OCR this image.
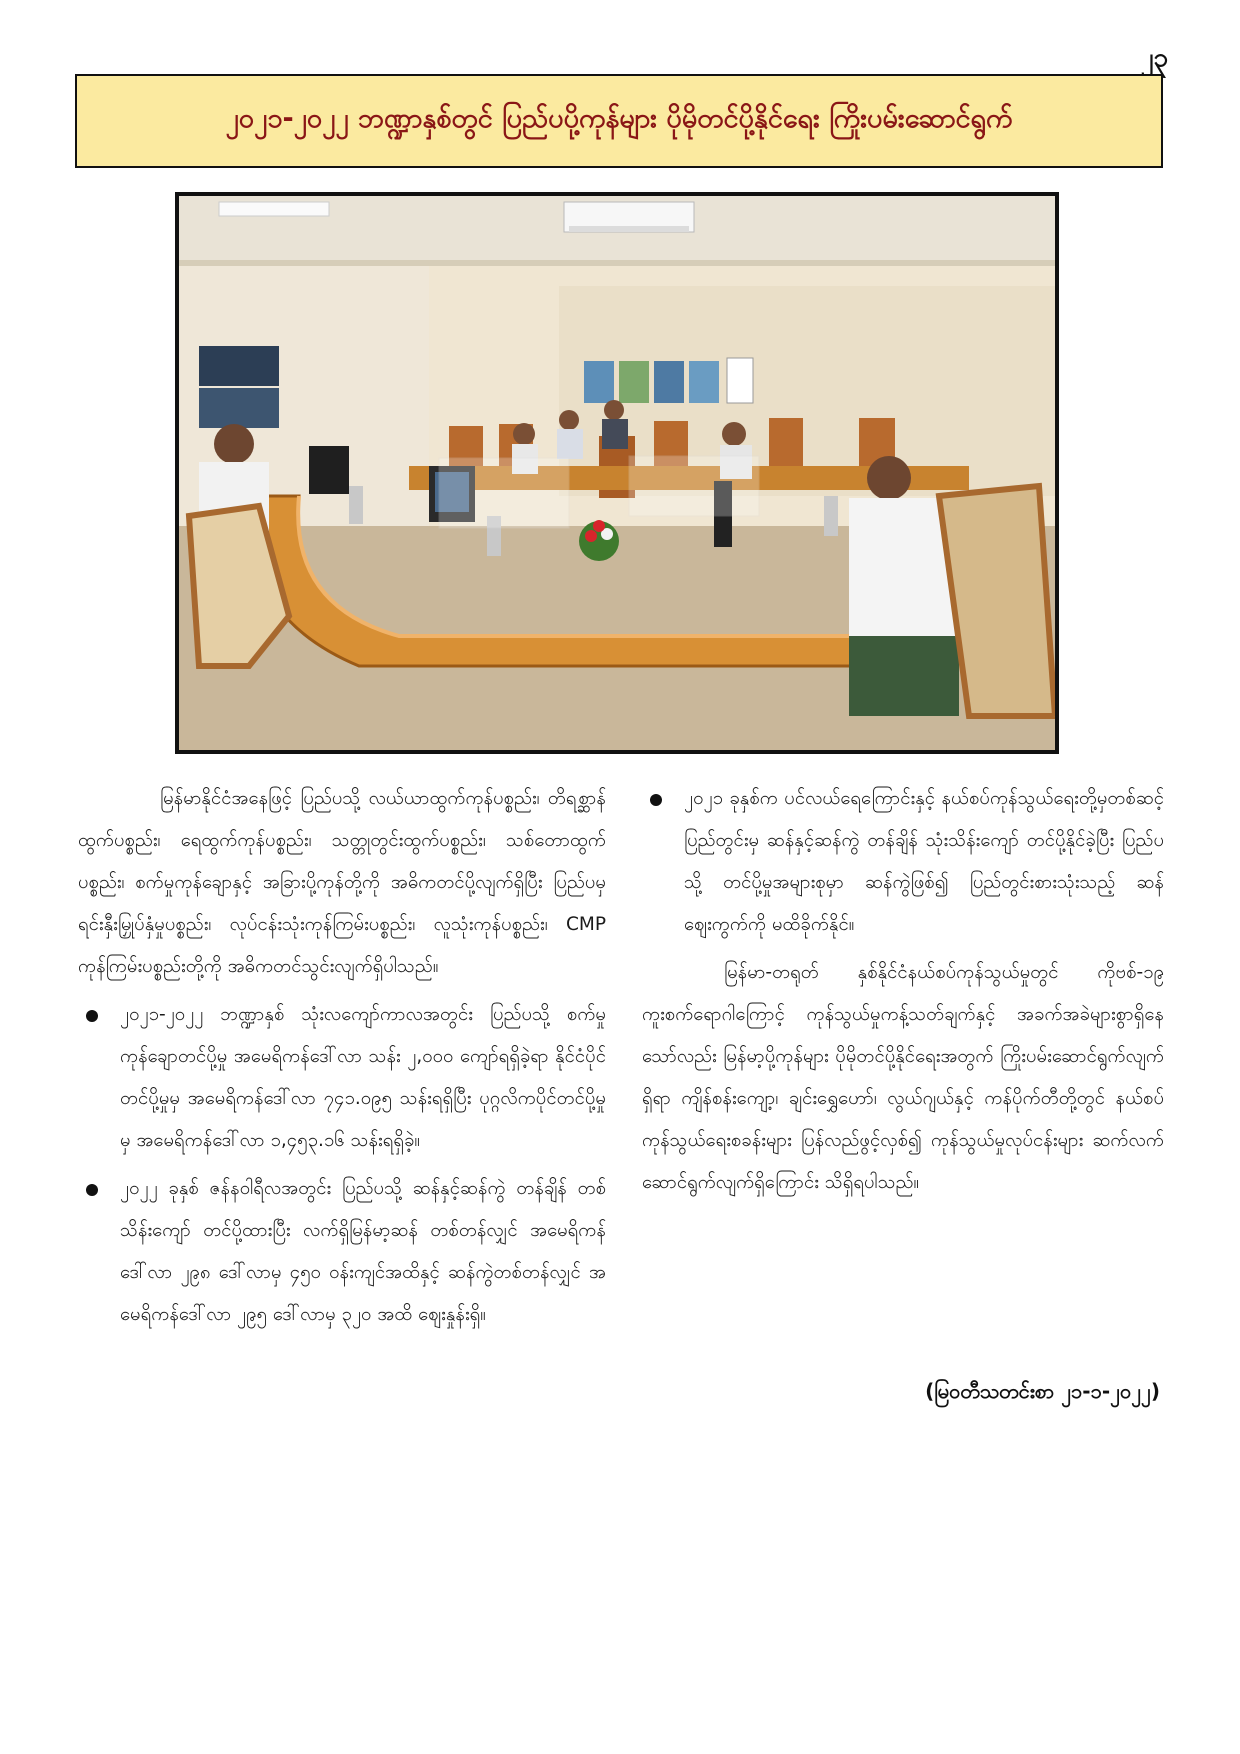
၂၃
၂၀၂၁-၂၀၂၂ ဘဏ္ဍာနှစ်တွင် ပြည်ပပို့ကုန်များ ပိုမိုတင်ပို့နိုင်ရေး ကြိုးပမ်းဆောင်ရွက်

မြန်မာနိုင်ငံအနေဖြင့် ပြည်ပသို့ လယ်ယာထွက်ကုန်ပစ္စည်း၊ တိရစ္ဆာန်ထွက်ပစ္စည်း၊ ရေထွက်ကုန်ပစ္စည်း၊ သတ္တုတွင်းထွက်ပစ္စည်း၊ သစ်တောထွက်ပစ္စည်း၊ စက်မှုကုန်ချောနှင့် အခြားပို့ကုန်တို့ကို အဓိကတင်ပို့လျက်ရှိပြီး ပြည်ပမှ ရင်းနှီးမြှုပ်နှံမှုပစ္စည်း၊ လုပ်ငန်းသုံးကုန်ကြမ်းပစ္စည်း၊ လူသုံးကုန်ပစ္စည်း၊ CMP ကုန်ကြမ်းပစ္စည်းတို့ကို အဓိကတင်သွင်းလျက်ရှိပါသည်။

၂၀၂၁-၂၀၂၂ ဘဏ္ဍာနှစ် သုံးလကျော်ကာလအတွင်း ပြည်ပသို့ စက်မှုကုန်ချောတင်ပို့မှု အမေရိကန်ဒေါ်လာ သန်း ၂,၀၀၀ ကျော်ရရှိခဲ့ရာ နိုင်ငံပိုင်တင်ပို့မှုမှ အမေရိကန်ဒေါ်လာ ၇၄၁.၀၉၅ သန်းရရှိပြီး ပုဂ္ဂလိကပိုင်တင်ပို့မှုမှ အမေရိကန်ဒေါ်လာ ၁,၄၅၃.၁၆ သန်းရရှိခဲ့။
၂၀၂၂ ခုနှစ် ဇန်နဝါရီလအတွင်း ပြည်ပသို့ ဆန်နှင့်ဆန်ကွဲ တန်ချိန် တစ်သိန်းကျော် တင်ပို့ထားပြီး လက်ရှိမြန်မာ့ဆန် တစ်တန်လျှင် အမေရိကန်ဒေါ်လာ ၂၉၈ ဒေါ်လာမှ ၄၅၀ ဝန်းကျင်အထိနှင့် ဆန်ကွဲတစ်တန်လျှင် အမေရိကန်ဒေါ်လာ ၂၉၅ ဒေါ်လာမှ ၃၂၀ အထိ ဈေးနှုန်းရှိ။
၂၀၂၁ ခုနှစ်က ပင်လယ်ရေကြောင်းနှင့် နယ်စပ်ကုန်သွယ်ရေးတို့မှတစ်ဆင့် ပြည်တွင်းမှ ဆန်နှင့်ဆန်ကွဲ တန်ချိန် သုံးသိန်းကျော် တင်ပို့နိုင်ခဲ့ပြီး ပြည်ပသို့ တင်ပို့မှုအများစုမှာ ဆန်ကွဲဖြစ်၍ ပြည်တွင်းစားသုံးသည့် ဆန်ဈေးကွက်ကို မထိခိုက်နိုင်။

မြန်မာ-တရုတ် နှစ်နိုင်ငံနယ်စပ်ကုန်သွယ်မှုတွင် ကိုဗစ်-၁၉ ကူးစက်ရောဂါကြောင့် ကုန်သွယ်မှုကန့်သတ်ချက်နှင့် အခက်အခဲများစွာရှိနေသော်လည်း မြန်မာ့ပို့ကုန်များ ပိုမိုတင်ပို့နိုင်ရေးအတွက် ကြိုးပမ်းဆောင်ရွက်လျက်ရှိရာ ကျိန်စန်းကျော့၊ ချင်းရွှေဟော်၊ လွယ်ဂျယ်နှင့် ကန်ပိုက်တီတို့တွင် နယ်စပ်ကုန်သွယ်ရေးစခန်းများ ပြန်လည်ဖွင့်လှစ်၍ ကုန်သွယ်မှုလုပ်ငန်းများ ဆက်လက်ဆောင်ရွက်လျက်ရှိကြောင်း သိရှိရပါသည်။

(မြဝတီသတင်းစာ ၂၁-၁-၂၀၂၂)
